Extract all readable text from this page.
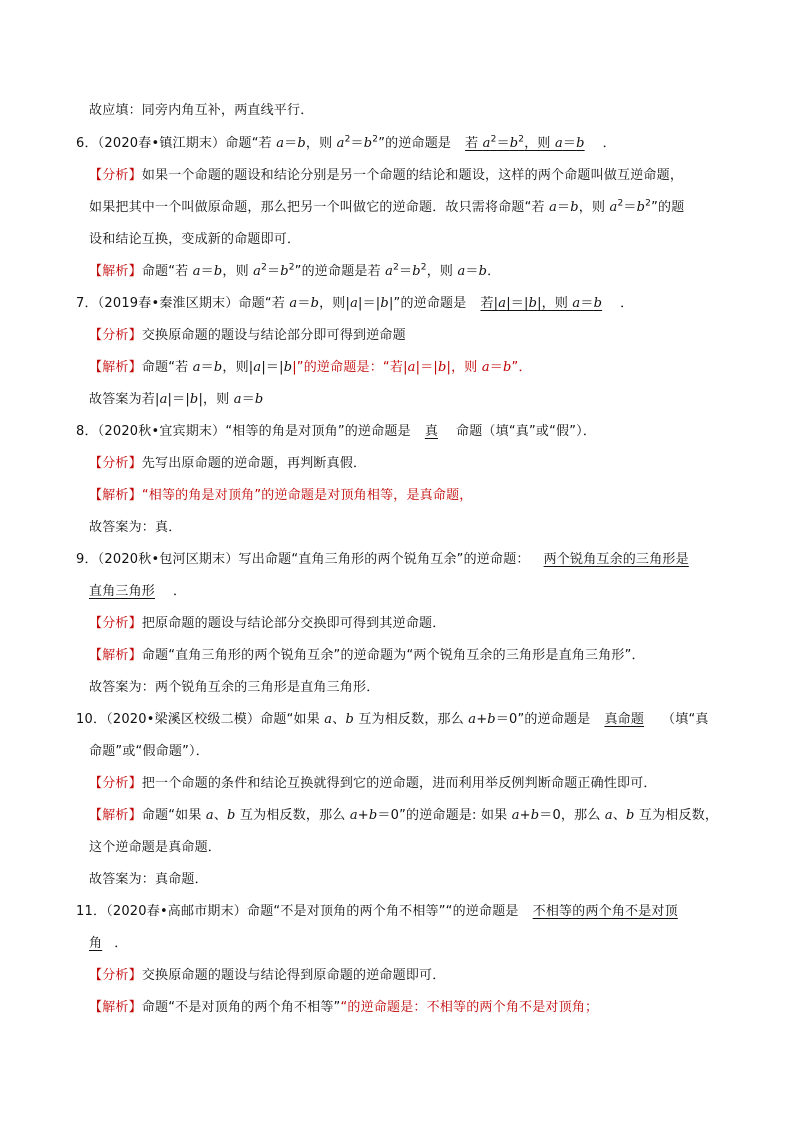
故应填：同旁内角互补，两直线平行．
6．（2020春•镇江期末）命题“若 a＝b，则 $a^2=b^2$”的逆命题是 若 $a^2=b^2$，则 a＝b ．
【分析】如果一个命题的题设和结论分别是另一个命题的结论和题设，这样的两个命题叫做互逆命题，
如果把其中一个叫做原命题，那么把另一个叫做它的逆命题．故只需将命题“若 a＝b，则 $a^2=b^2$”的题
设和结论互换，变成新的命题即可．
【解析】命题“若 a＝b，则 $a^2=b^2$”的逆命题是若 $a^2=b^2$，则 a＝b．
7．（2019春•秦淮区期末）命题“若 a＝b，则|a|＝|b|”的逆命题是 若|a|＝|b|，则 a＝b ．
【分析】交换原命题的题设与结论部分即可得到逆命题
【解析】命题“若 a＝b，则|a|＝|b|”的逆命题是：“若|a|＝|b|，则 a＝b”．
故答案为若|a|＝|b|，则 a＝b
8．（2020秋•宜宾期末）“相等的角是对顶角”的逆命题是 真 命题（填“真”或“假”）．
【分析】先写出原命题的逆命题，再判断真假．
【解析】“相等的角是对顶角”的逆命题是对顶角相等，是真命题，
故答案为：真．
9．（2020秋•包河区期末）写出命题“直角三角形的两个锐角互余”的逆命题： 两个锐角互余的三角形是
直角三角形 ．
【分析】把原命题的题设与结论部分交换即可得到其逆命题．
【解析】命题“直角三角形的两个锐角互余”的逆命题为“两个锐角互余的三角形是直角三角形”．
故答案为：两个锐角互余的三角形是直角三角形．
10．（2020•梁溪区校级二模）命题“如果 a、b 互为相反数，那么 a+b＝0”的逆命题是 真命题 （填“真
命题”或“假命题”）．
【分析】把一个命题的条件和结论互换就得到它的逆命题，进而利用举反例判断命题正确性即可．
【解析】命题“如果 a、b 互为相反数，那么 a+b＝0”的逆命题是: 如果 a+b＝0，那么 a、b 互为相反数，
这个逆命题是真命题．
故答案为：真命题．
11．（2020春•高邮市期末）命题“不是对顶角的两个角不相等”“的逆命题是 不相等的两个角不是对顶
角 ．
【分析】交换原命题的题设与结论得到原命题的逆命题即可．
【解析】命题“不是对顶角的两个角不相等”“的逆命题是：不相等的两个角不是对顶角；
